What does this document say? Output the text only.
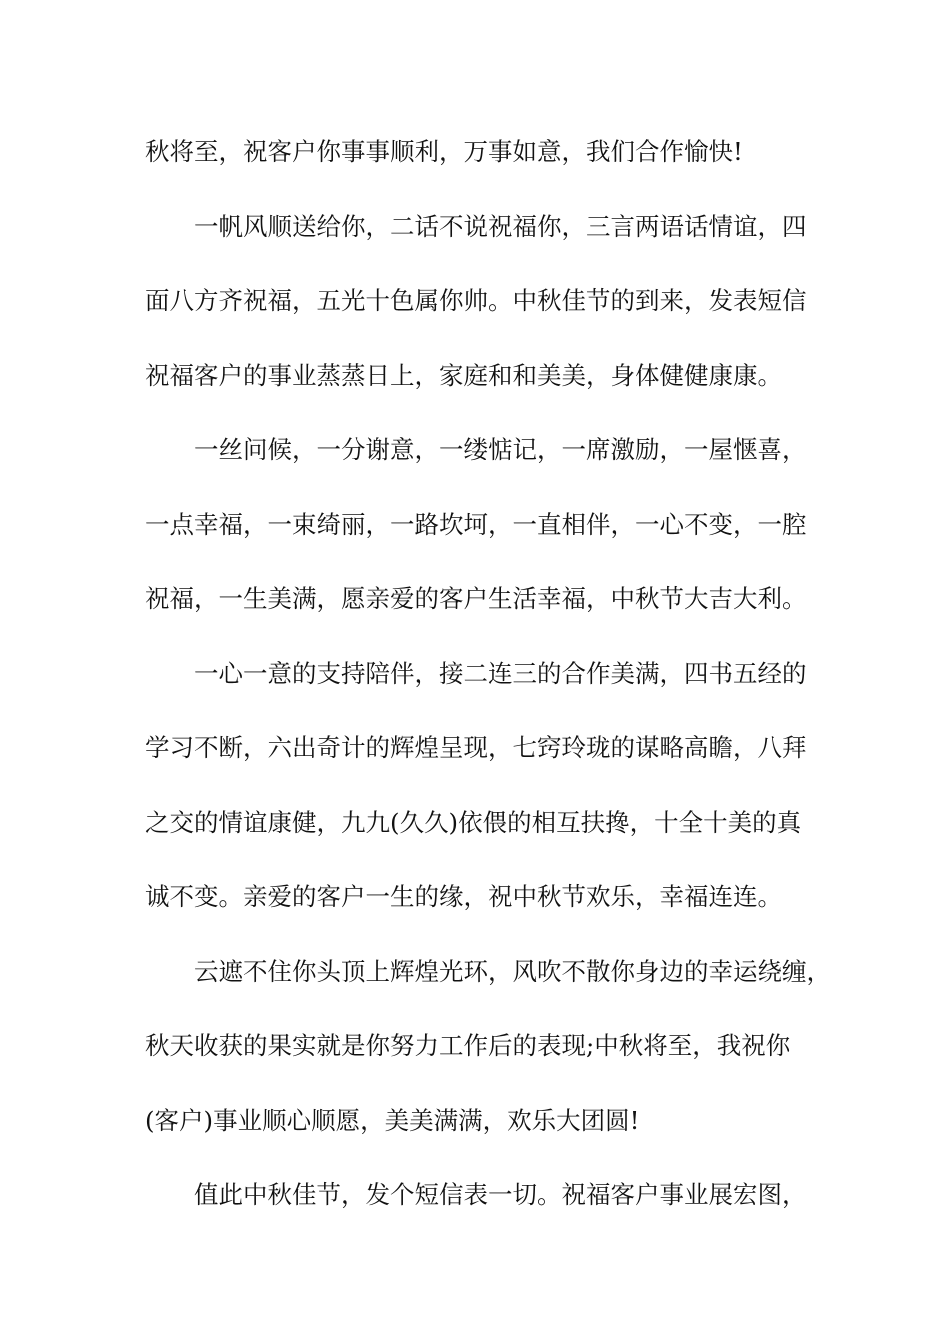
秋将至，祝客户你事事顺利，万事如意，我们合作愉快!
一帆风顺送给你，二话不说祝福你，三言两语话情谊，四
面八方齐祝福，五光十色属你帅。中秋佳节的到来，发表短信
祝福客户的事业蒸蒸日上，家庭和和美美，身体健健康康。
一丝问候，一分谢意，一缕惦记，一席激励，一屋惬喜，
一点幸福，一束绮丽，一路坎坷，一直相伴，一心不变，一腔
祝福，一生美满，愿亲爱的客户生活幸福，中秋节大吉大利。
一心一意的支持陪伴，接二连三的合作美满，四书五经的
学习不断，六出奇计的辉煌呈现，七窍玲珑的谋略高瞻，八拜
之交的情谊康健，九九(久久)依偎的相互扶搀，十全十美的真
诚不变。亲爱的客户一生的缘，祝中秋节欢乐，幸福连连。
云遮不住你头顶上辉煌光环，风吹不散你身边的幸运绕缠，
秋天收获的果实就是你努力工作后的表现;中秋将至，我祝你
(客户)事业顺心顺愿，美美满满，欢乐大团圆!
值此中秋佳节，发个短信表一切。祝福客户事业展宏图，
